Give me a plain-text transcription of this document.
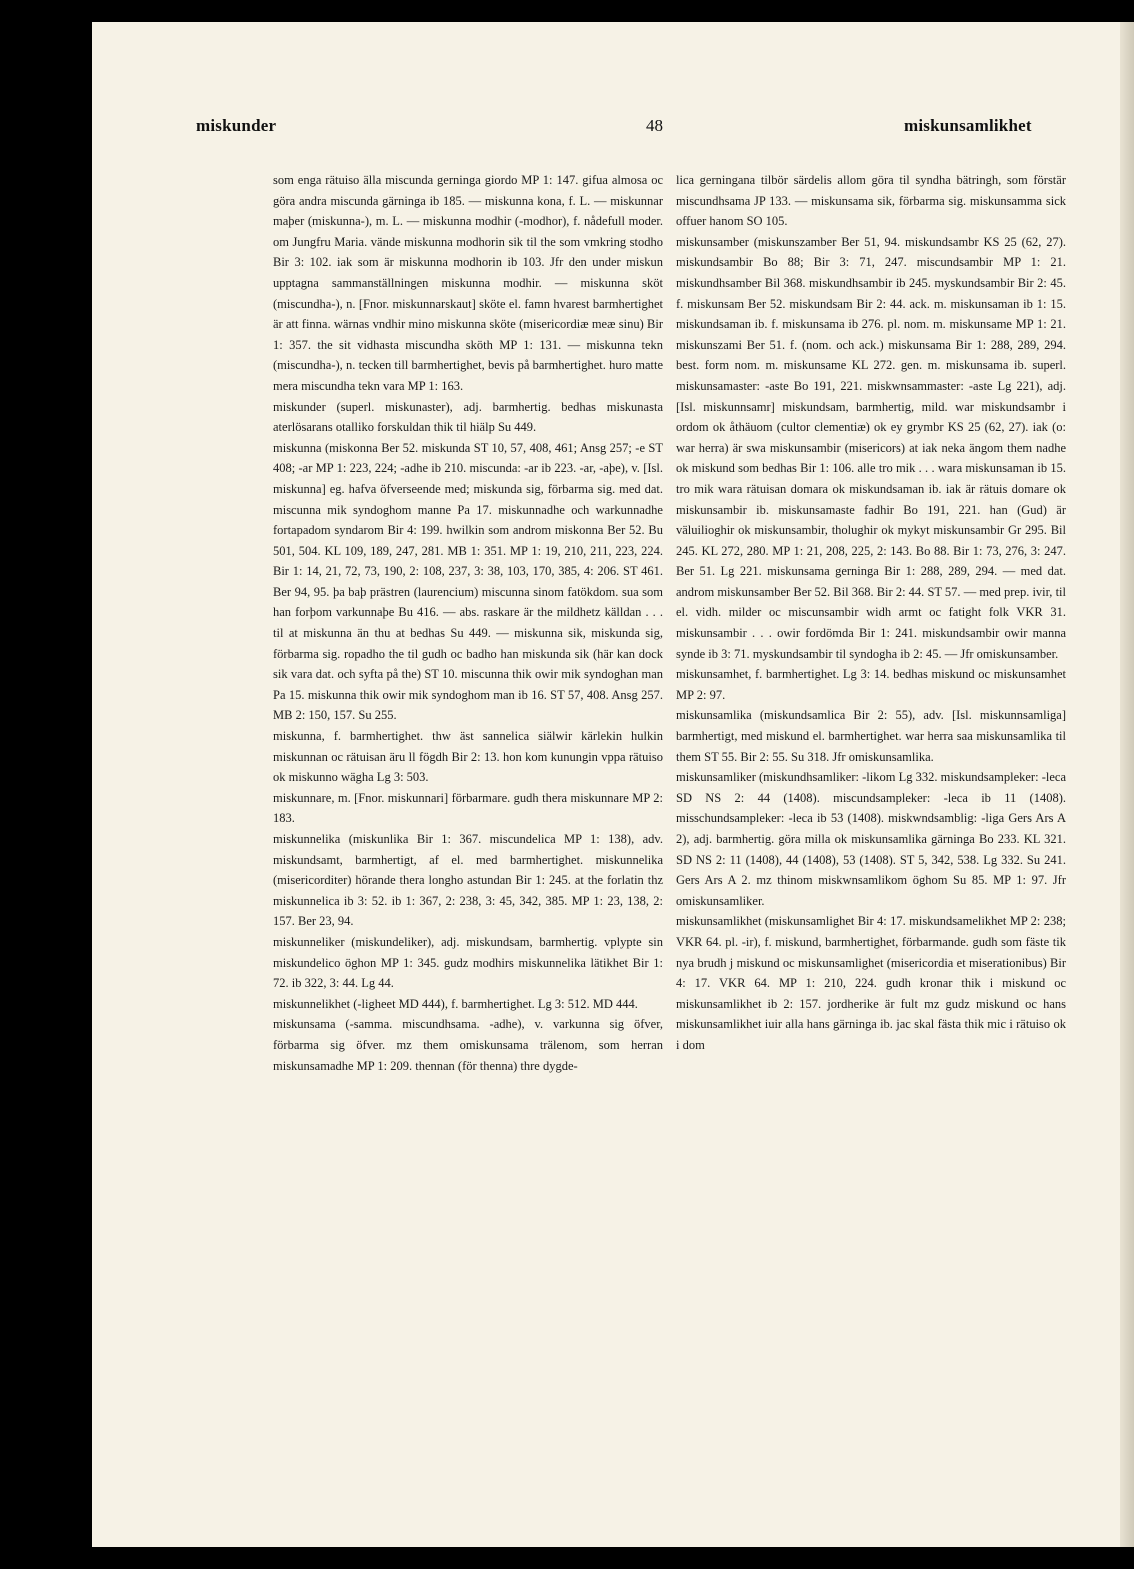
miskunder	48	miskunsamlikhet

som enga rätuiso älla miscunda gerninga giordo MP 1: 147. gifua almosa oc göra andra miscunda gärninga ib 185. — miskunna kona, f. L. — miskunnar maþer (miskunna-), m. L. — miskunna modhir (-modhor), f. nådefull moder. om Jungfru Maria. vände miskunna modhorin sik til the som vmkring stodho Bir 3: 102. iak som är miskunna modhorin ib 103. Jfr den under miskun upptagna sammanställningen miskunna modhir. — miskunna sköt (miscundha-), n. [Fnor. miskunnarskaut] sköte el. famn hvarest barmhertighet är att finna. wärnas vndhir mino miskunna sköte (misericordiæ meæ sinu) Bir 1: 357. the sit vidhasta miscundha sköth MP 1: 131. — miskunna tekn (miscundha-), n. tecken till barmhertighet, bevis på barmhertighet. huro matte mera miscundha tekn vara MP 1: 163.

miskunder (superl. miskunaster), adj. barmhertig. bedhas miskunasta aterlösarans otalliko forskuldan thik til hiälp Su 449.

miskunna (miskonna Ber 52. miskunda ST 10, 57, 408, 461; Ansg 257; -e ST 408; -ar MP 1: 223, 224; -adhe ib 210. miscunda: -ar ib 223. -ar, -aþe), v. [Isl. miskunna] eg. hafva öfverseende med; miskunda sig, förbarma sig. med dat. miscunna mik syndoghom manne Pa 17. miskunnadhe och warkunnadhe fortapadom syndarom Bir 4: 199. hwilkin som androm miskonna Ber 52. Bu 501, 504. KL 109, 189, 247, 281. MB 1: 351. MP 1: 19, 210, 211, 223, 224. Bir 1: 14, 21, 72, 73, 190, 2: 108, 237, 3: 38, 103, 170, 385, 4: 206. ST 461. Ber 94, 95. þa baþ prästren (laurencium) miscunna sinom fatökdom. sua som han forþom varkunnaþe Bu 416. — abs. raskare är the mildhetz källdan . . . til at miskunna än thu at bedhas Su 449. — miskunna sik, miskunda sig, förbarma sig. ropadho the til gudh oc badho han miskunda sik (här kan dock sik vara dat. och syfta på the) ST 10. miscunna thik owir mik syndoghan man Pa 15. miskunna thik owir mik syndoghom man ib 16. ST 57, 408. Ansg 257. MB 2: 150, 157. Su 255.

miskunna, f. barmhertighet. thw äst sannelica siälwir kärlekin hulkin miskunnan oc rätuisan äru ll fögdh Bir 2: 13. hon kom kunungin vppa rätuiso ok miskunno wägha Lg 3: 503.

miskunnare, m. [Fnor. miskunnari] förbarmare. gudh thera miskunnare MP 2: 183.

miskunnelika (miskunlika Bir 1: 367. miscundelica MP 1: 138), adv. miskundsamt, barmhertigt, af el. med barmhertighet. miskunnelika (misericorditer) hörande thera longho astundan Bir 1: 245. at the forlatin thz miskunnelica ib 3: 52. ib 1: 367, 2: 238, 3: 45, 342, 385. MP 1: 23, 138, 2: 157. Ber 23, 94.

miskunneliker (miskundeliker), adj. miskundsam, barmhertig. vplypte sin miskundelico öghon MP 1: 345. gudz modhirs miskunnelika lätikhet Bir 1: 72. ib 322, 3: 44. Lg 44.

miskunnelikhet (-ligheet MD 444), f. barmhertighet. Lg 3: 512. MD 444.

miskunsama (-samma. miscundhsama. -adhe), v. varkunna sig öfver, förbarma sig öfver. mz them omiskunsama trälenom, som herran miskunsamadhe MP 1: 209. thennan (för thenna) thre dygde-

lica gerningana tilbör särdelis allom göra til syndha bätringh, som förstär miscundhsama JP 133. — miskunsama sik, förbarma sig. miskunsamma sick offuer hanom SO 105.

miskunsamber (miskunszamber Ber 51, 94. miskundsambr KS 25 (62, 27). miskundsambir Bo 88; Bir 3: 71, 247. miscundsambir MP 1: 21. miskundhsamber Bil 368. miskundhsambir ib 245. myskundsambir Bir 2: 45. f. miskunsam Ber 52. miskundsam Bir 2: 44. ack. m. miskunsaman ib 1: 15. miskundsaman ib. f. miskunsama ib 276. pl. nom. m. miskunsame MP 1: 21. miskunszami Ber 51. f. (nom. och ack.) miskunsama Bir 1: 288, 289, 294. best. form nom. m. miskunsame KL 272. gen. m. miskunsama ib. superl. miskunsamaster: -aste Bo 191, 221. miskwnsammaster: -aste Lg 221), adj. [Isl. miskunnsamr] miskundsam, barmhertig, mild. war miskundsambr i ordom ok åthäuom (cultor clementiæ) ok ey grymbr KS 25 (62, 27). iak (o: war herra) är swa miskunsambir (misericors) at iak neka ängom them nadhe ok miskund som bedhas Bir 1: 106. alle tro mik . . . wara miskunsaman ib 15. tro mik wara rätuisan domara ok miskundsaman ib. iak är rätuis domare ok miskunsambir ib. miskunsamaste fadhir Bo 191, 221. han (Gud) är väluilioghir ok miskunsambir, tholughir ok mykyt miskunsambir Gr 295. Bil 245. KL 272, 280. MP 1: 21, 208, 225, 2: 143. Bo 88. Bir 1: 73, 276, 3: 247. Ber 51. Lg 221. miskunsama gerninga Bir 1: 288, 289, 294. — med dat. androm miskunsamber Ber 52. Bil 368. Bir 2: 44. ST 57. — med prep. ivir, til el. vidh. milder oc miscunsambir widh armt oc fatight folk VKR 31. miskunsambir . . . owir fordömda Bir 1: 241. miskundsambir owir manna synde ib 3: 71. myskundsambir til syndogha ib 2: 45. — Jfr omiskunsamber.

miskunsamhet, f. barmhertighet. Lg 3: 14. bedhas miskund oc miskunsamhet MP 2: 97.

miskunsamlika (miskundsamlica Bir 2: 55), adv. [Isl. miskunnsamliga] barmhertigt, med miskund el. barmhertighet. war herra saa miskunsamlika til them ST 55. Bir 2: 55. Su 318. Jfr omiskunsamlika.

miskunsamliker (miskundhsamliker: -likom Lg 332. miskundsampleker: -leca SD NS 2: 44 (1408). miscundsampleker: -leca ib 11 (1408). misschundsampleker: -leca ib 53 (1408). miskwndsamblig: -liga Gers Ars A 2), adj. barmhertig. göra milla ok miskunsamlika gärninga Bo 233. KL 321. SD NS 2: 11 (1408), 44 (1408), 53 (1408). ST 5, 342, 538. Lg 332. Su 241. Gers Ars A 2. mz thinom miskwnsamlikom öghom Su 85. MP 1: 97. Jfr omiskunsamliker.

miskunsamlikhet (miskunsamlighet Bir 4: 17. miskundsamelikhet MP 2: 238; VKR 64. pl. -ir), f. miskund, barmhertighet, förbarmande. gudh som fäste tik nya brudh j miskund oc miskunsamlighet (misericordia et miserationibus) Bir 4: 17. VKR 64. MP 1: 210, 224. gudh kronar thik i miskund oc miskunsamlikhet ib 2: 157. jordherike är fult mz gudz miskund oc hans miskunsamlikhet iuir alla hans gärninga ib. jac skal fästa thik mic i rätuiso ok i dom
